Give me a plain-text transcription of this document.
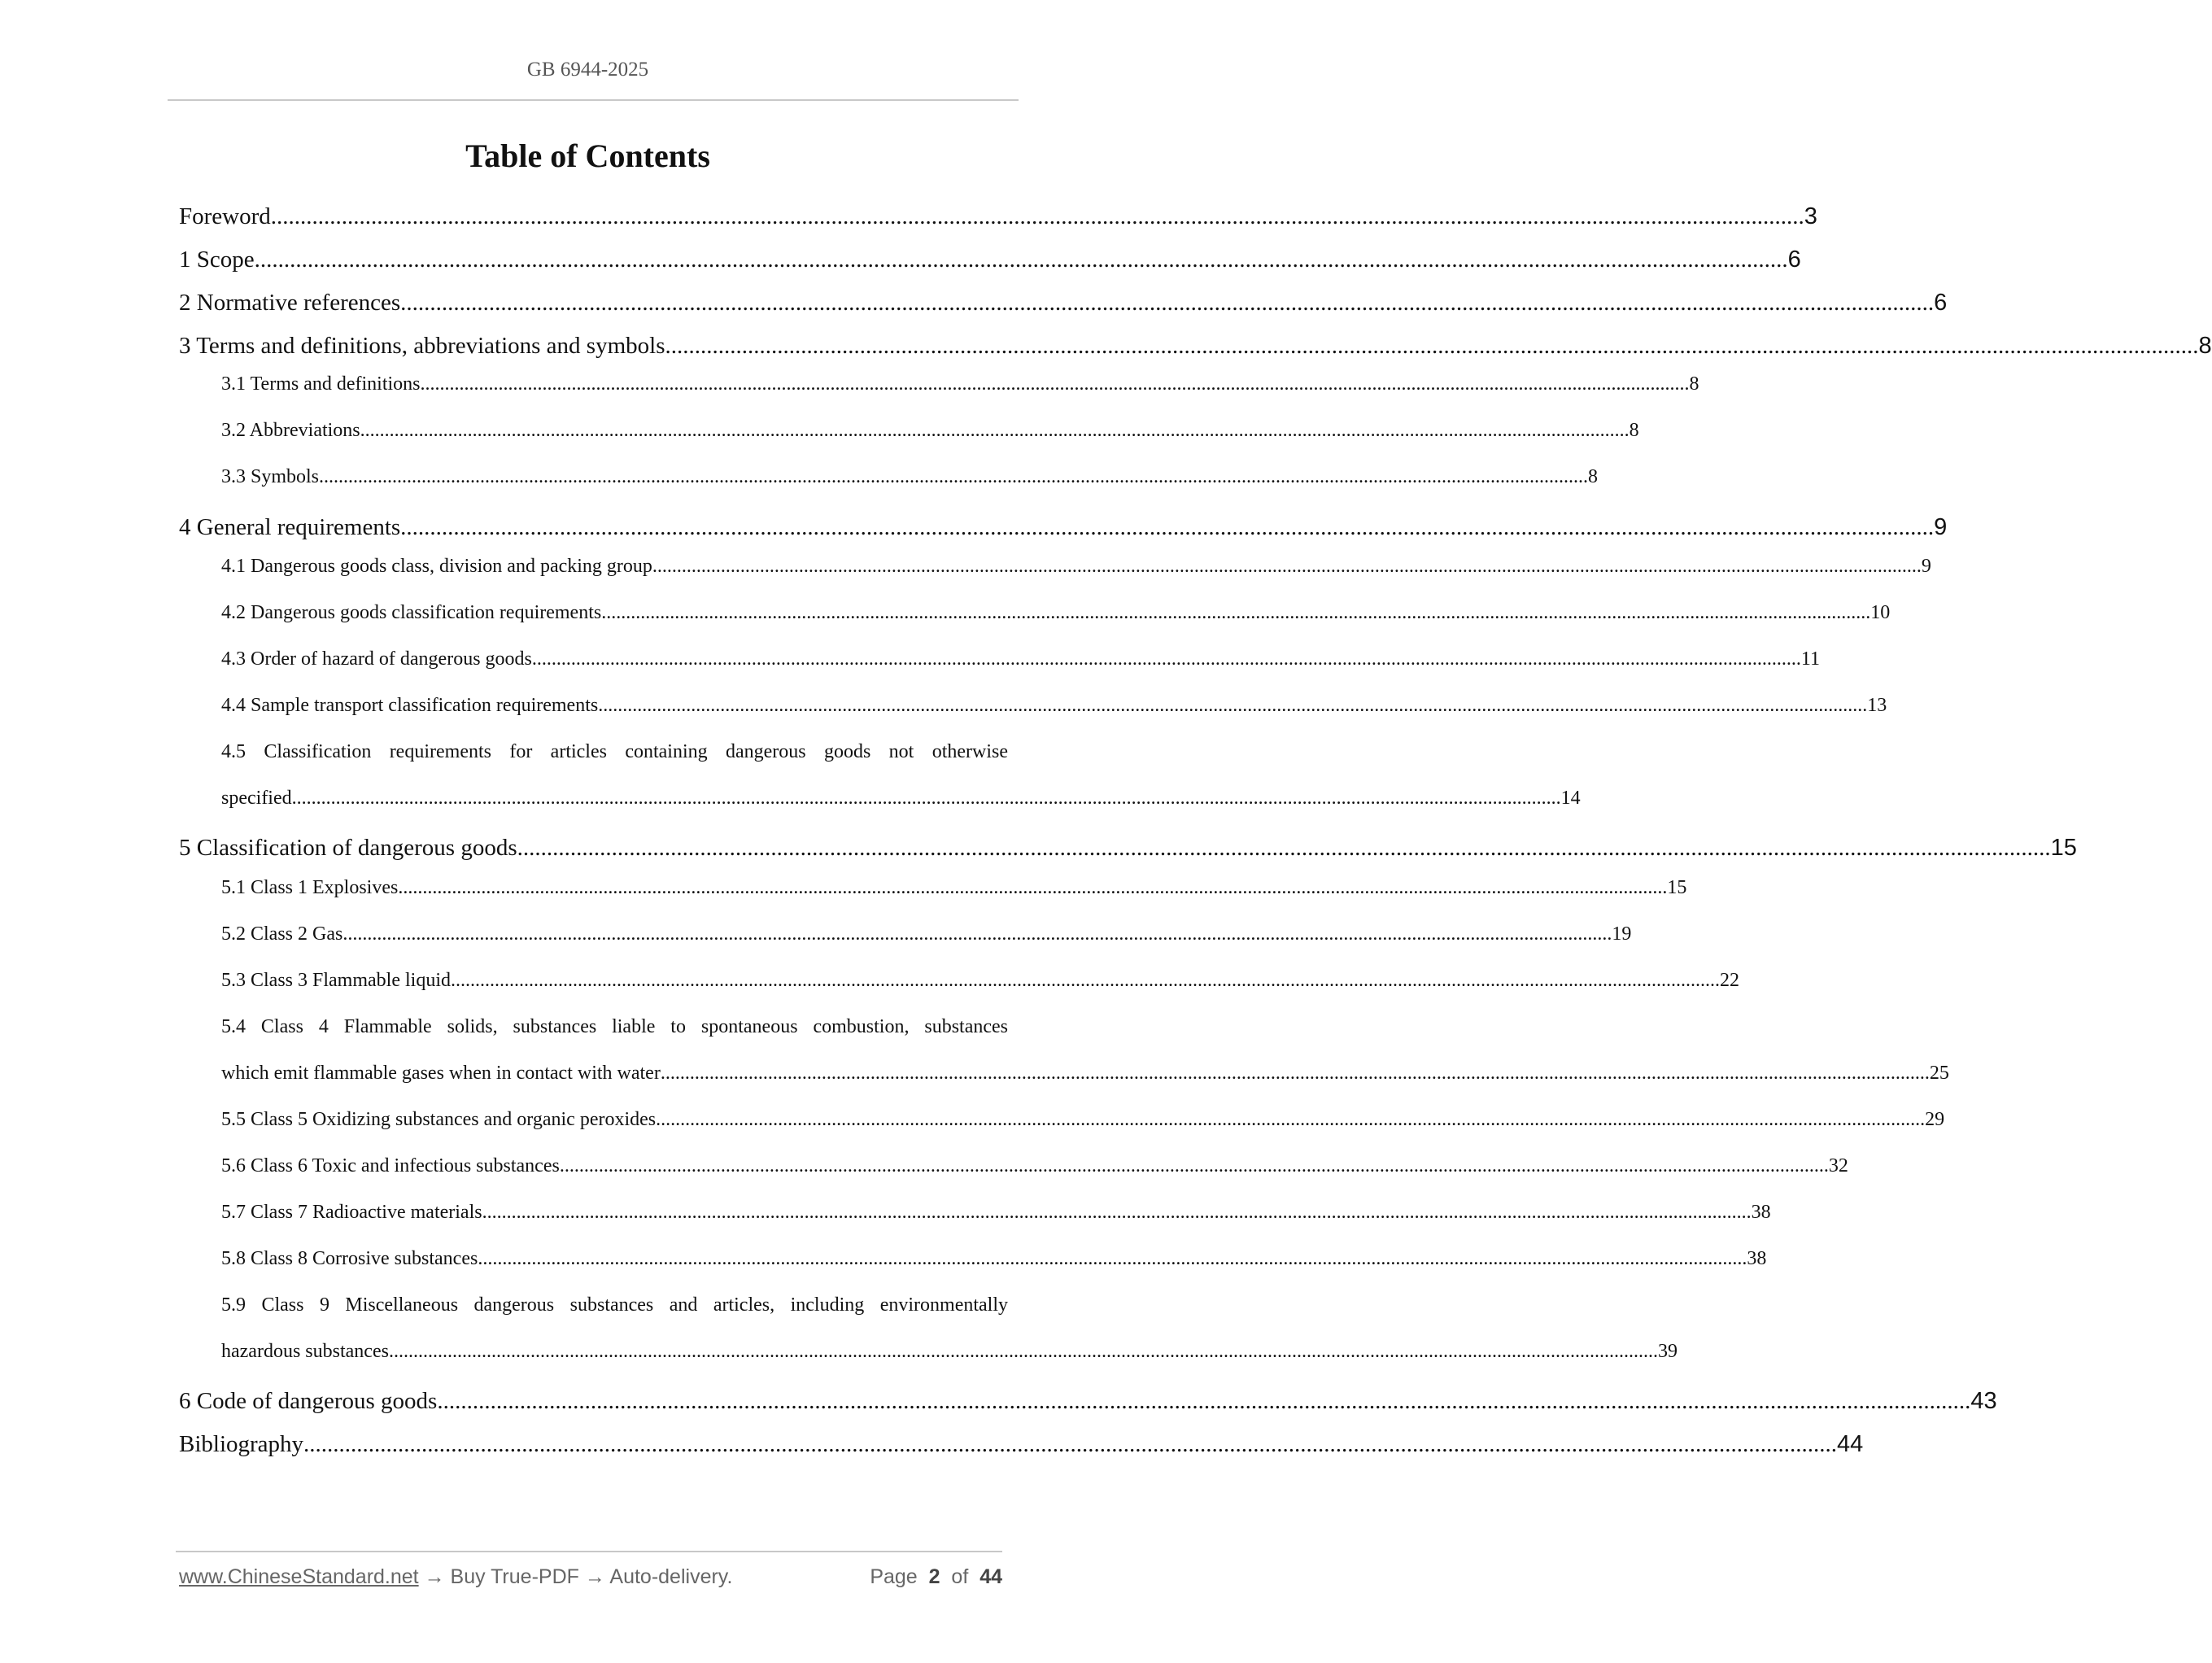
GB 6944-2025
Table of Contents
Foreword .................................................................................................................................................................................................................................................................... 3
1 Scope .................................................................................................................................................................................................................................................................... 6
2 Normative references .................................................................................................................................................................................................................................................................... 6
3 Terms and definitions, abbreviations and symbols .................................................................................................................................................................................................................................................................... 8
3.1 Terms and definitions .................................................................................................................................................................................................................................................................... 8
3.2 Abbreviations .................................................................................................................................................................................................................................................................... 8
3.3 Symbols .................................................................................................................................................................................................................................................................... 8
4 General requirements .................................................................................................................................................................................................................................................................... 9
4.1 Dangerous goods class, division and packing group .................................................................................................................................................................................................................................................................... 9
4.2 Dangerous goods classification requirements .................................................................................................................................................................................................................................................................... 10
4.3 Order of hazard of dangerous goods .................................................................................................................................................................................................................................................................... 11
4.4 Sample transport classification requirements .................................................................................................................................................................................................................................................................... 13
4.5 Classification requirements for articles containing dangerous goods not otherwise
specified .................................................................................................................................................................................................................................................................... 14
5 Classification of dangerous goods .................................................................................................................................................................................................................................................................... 15
5.1 Class 1 Explosives .................................................................................................................................................................................................................................................................... 15
5.2 Class 2 Gas .................................................................................................................................................................................................................................................................... 19
5.3 Class 3 Flammable liquid .................................................................................................................................................................................................................................................................... 22
5.4 Class 4 Flammable solids, substances liable to spontaneous combustion, substances
which emit flammable gases when in contact with water .................................................................................................................................................................................................................................................................... 25
5.5 Class 5 Oxidizing substances and organic peroxides .................................................................................................................................................................................................................................................................... 29
5.6 Class 6 Toxic and infectious substances .................................................................................................................................................................................................................................................................... 32
5.7 Class 7 Radioactive materials .................................................................................................................................................................................................................................................................... 38
5.8 Class 8 Corrosive substances .................................................................................................................................................................................................................................................................... 38
5.9 Class 9 Miscellaneous dangerous substances and articles, including environmentally
hazardous substances .................................................................................................................................................................................................................................................................... 39
6 Code of dangerous goods .................................................................................................................................................................................................................................................................... 43
Bibliography .................................................................................................................................................................................................................................................................... 44
www.ChineseStandard.net → Buy True-PDF → Auto-delivery.	Page 2 of 44
